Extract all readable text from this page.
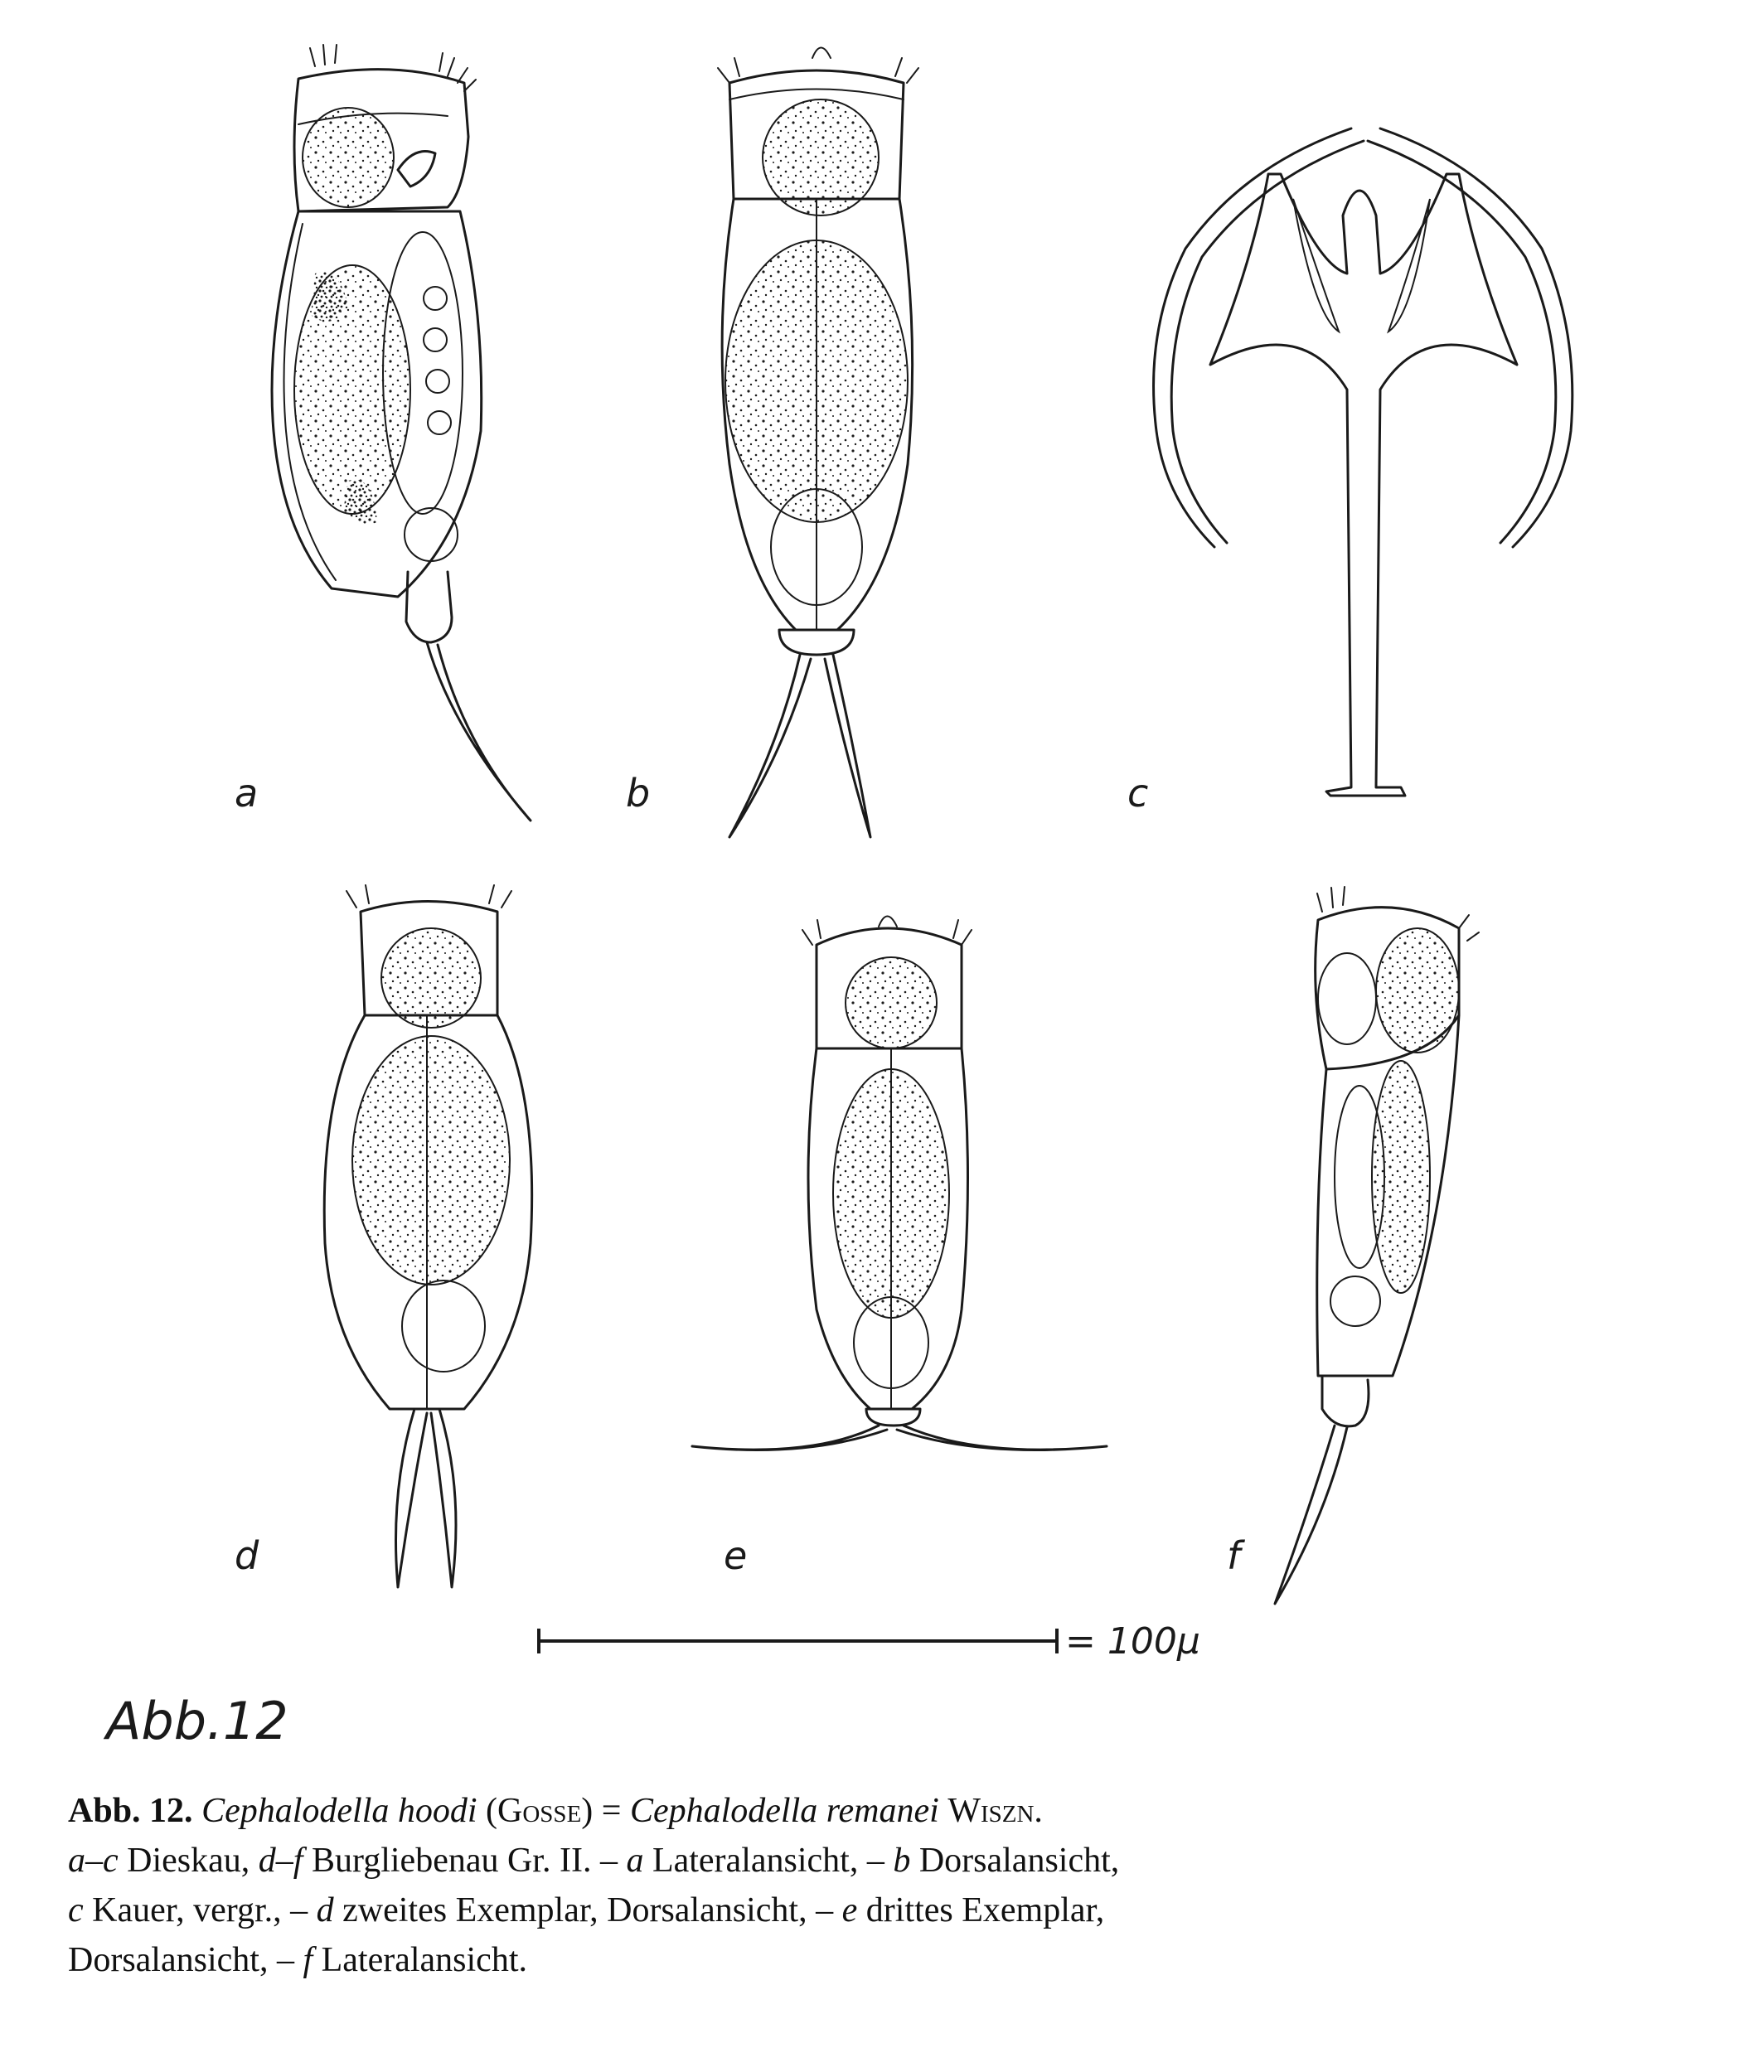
a	b	c
d	e	f
= 100μ
Abb.12
Abb. 12. Cephalodella hoodi (Gosse) = Cephalodella remanei Wiszn.
a–c Dieskau, d–f Burgliebenau Gr. II. – a Lateralansicht, – b Dorsalansicht,
c Kauer, vergr., – d zweites Exemplar, Dorsalansicht, – e drittes Exemplar,
Dorsalansicht, – f Lateralansicht.
